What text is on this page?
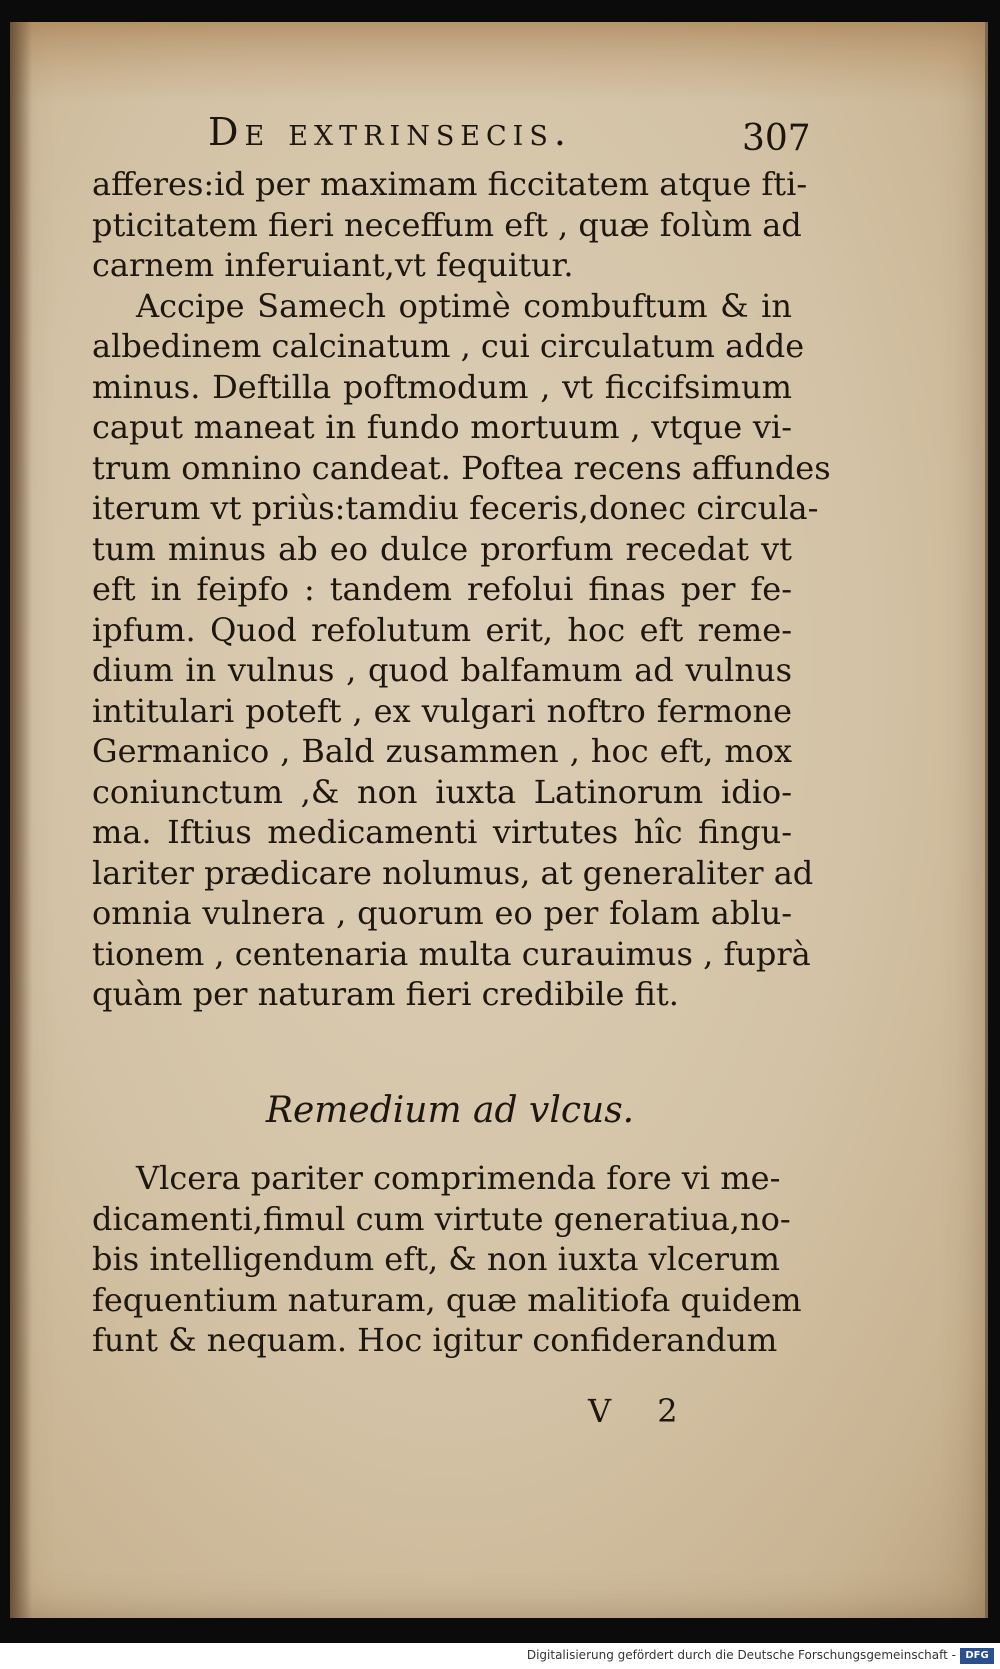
De extrinsecis.	307
afferes:id per maximam ficcitatem atque fti-
pticitatem fieri neceffum eft , quæ folùm ad
carnem inferuiant,vt fequitur.
Accipe Samech optimè combuftum & in
albedinem calcinatum , cui circulatum adde
minus. Deftilla poftmodum , vt ficcifsimum
caput maneat in fundo mortuum , vtque vi-
trum omnino candeat. Poftea recens affundes
iterum vt priùs:tamdiu feceris,donec circula-
tum minus ab eo dulce prorfum recedat vt
eft in feipfo : tandem refolui finas per fe-
ipfum. Quod refolutum erit, hoc eft reme-
dium in vulnus , quod balfamum ad vulnus
intitulari poteft , ex vulgari noftro fermone
Germanico , Bald zusammen , hoc eft, mox
coniunctum ,& non iuxta Latinorum idio-
ma. Iftius medicamenti virtutes hîc fingu-
lariter prædicare nolumus, at generaliter ad
omnia vulnera , quorum eo per folam ablu-
tionem , centenaria multa curauimus , fuprà
quàm per naturam fieri credibile fit.
Remedium ad vlcus.
Vlcera pariter comprimenda fore vi me-
dicamenti,fimul cum virtute generatiua,no-
bis intelligendum eft, & non iuxta vlcerum
fequentium naturam, quæ malitiofa quidem
funt & nequam. Hoc igitur confiderandum
V 2
Digitalisierung gefördert durch die Deutsche Forschungsgemeinschaft - DFG
